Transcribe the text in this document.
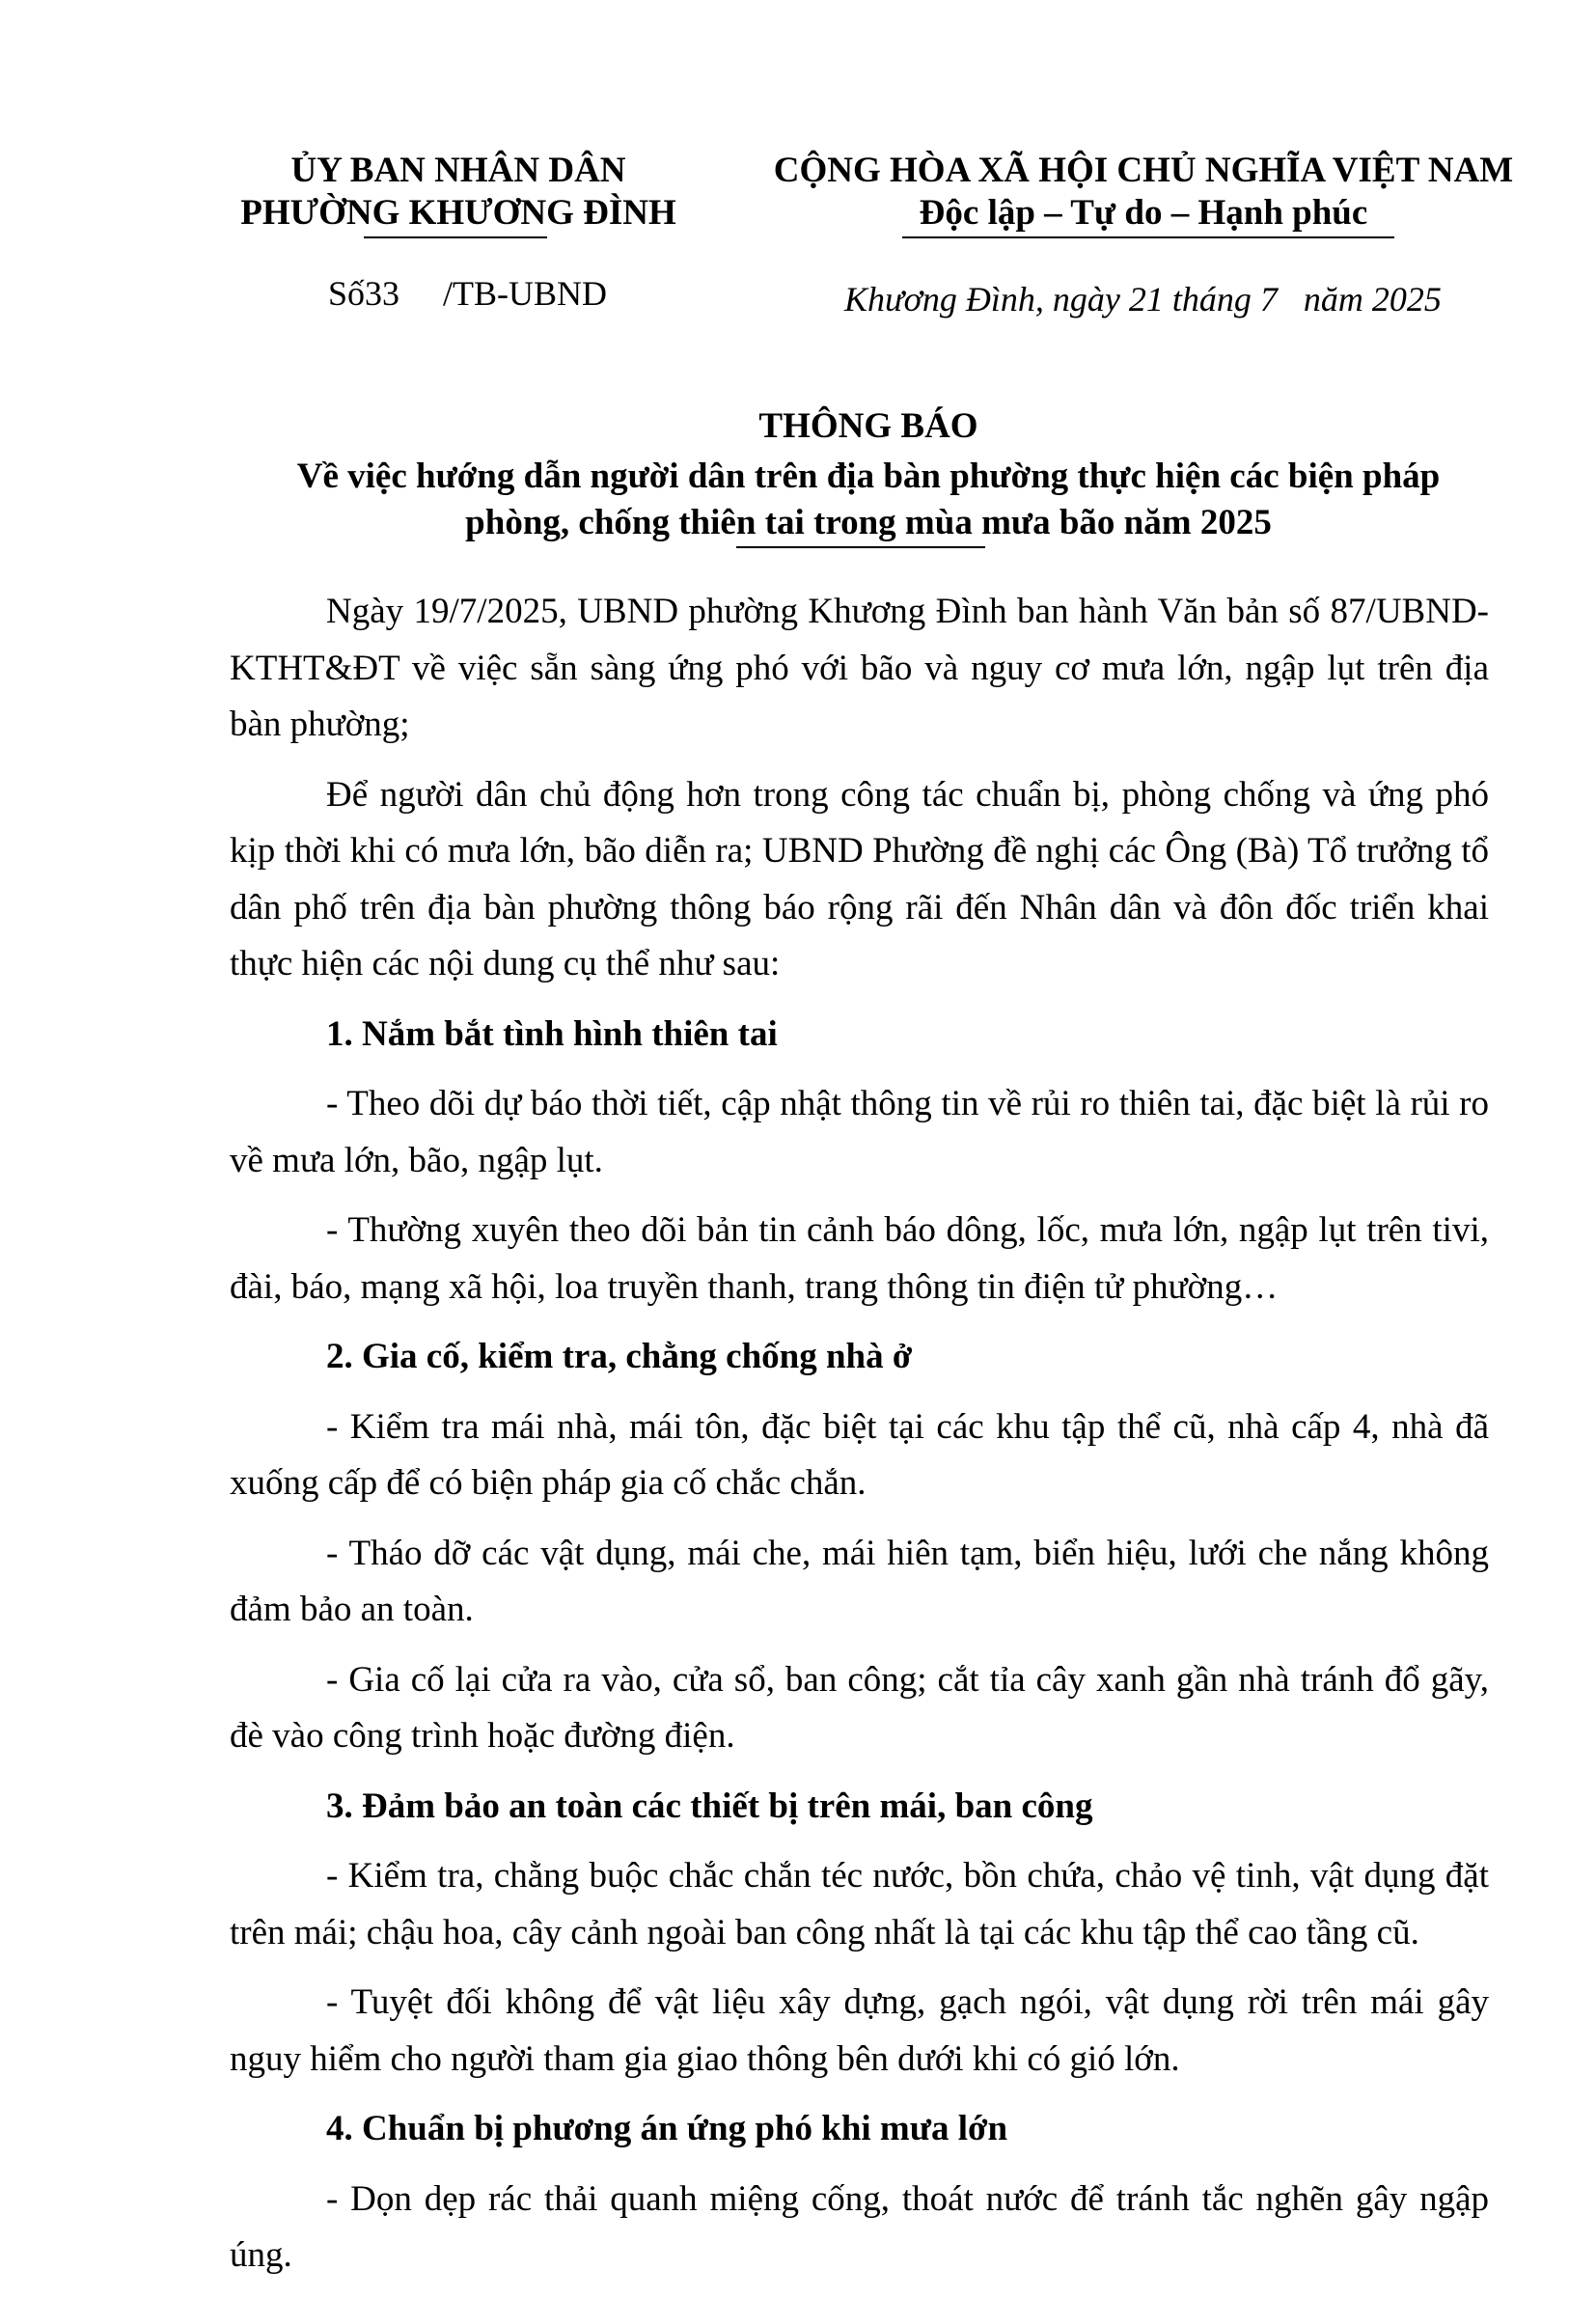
ỦY BAN NHÂN DÂN
PHƯỜNG KHƯƠNG ĐÌNH
CỘNG HÒA XÃ HỘI CHỦ NGHĨA VIỆT NAM
Độc lập – Tự do – Hạnh phúc
Số33     /TB-UBND	Khương Đình, ngày 21 tháng 7   năm 2025
THÔNG BÁO
Về việc hướng dẫn người dân trên địa bàn phường thực hiện các biện pháp
phòng, chống thiên tai trong mùa mưa bão năm 2025

Ngày 19/7/2025, UBND phường Khương Đình ban hành Văn bản số 87/UBND-KTHT&ĐT về việc sẵn sàng ứng phó với bão và nguy cơ mưa lớn, ngập lụt trên địa bàn phường;

Để người dân chủ động hơn trong công tác chuẩn bị, phòng chống và ứng phó kịp thời khi có mưa lớn, bão diễn ra; UBND Phường đề nghị các Ông (Bà) Tổ trưởng tổ dân phố trên địa bàn phường thông báo rộng rãi đến Nhân dân và đôn đốc triển khai thực hiện các nội dung cụ thể như sau:

1. Nắm bắt tình hình thiên tai

- Theo dõi dự báo thời tiết, cập nhật thông tin về rủi ro thiên tai, đặc biệt là rủi ro về mưa lớn, bão, ngập lụt.

- Thường xuyên theo dõi bản tin cảnh báo dông, lốc, mưa lớn, ngập lụt trên tivi, đài, báo, mạng xã hội, loa truyền thanh, trang thông tin điện tử phường…

2. Gia cố, kiểm tra, chằng chống nhà ở

- Kiểm tra mái nhà, mái tôn, đặc biệt tại các khu tập thể cũ, nhà cấp 4, nhà đã xuống cấp để có biện pháp gia cố chắc chắn.

- Tháo dỡ các vật dụng, mái che, mái hiên tạm, biển hiệu, lưới che nắng không đảm bảo an toàn.

- Gia cố lại cửa ra vào, cửa sổ, ban công; cắt tỉa cây xanh gần nhà tránh đổ gãy, đè vào công trình hoặc đường điện.

3. Đảm bảo an toàn các thiết bị trên mái, ban công

- Kiểm tra, chằng buộc chắc chắn téc nước, bồn chứa, chảo vệ tinh, vật dụng đặt trên mái; chậu hoa, cây cảnh ngoài ban công nhất là tại các khu tập thể cao tầng cũ.

- Tuyệt đối không để vật liệu xây dựng, gạch ngói, vật dụng rời trên mái gây nguy hiểm cho người tham gia giao thông bên dưới khi có gió lớn.

4. Chuẩn bị phương án ứng phó khi mưa lớn

- Dọn dẹp rác thải quanh miệng cống, thoát nước để tránh tắc nghẽn gây ngập úng.
